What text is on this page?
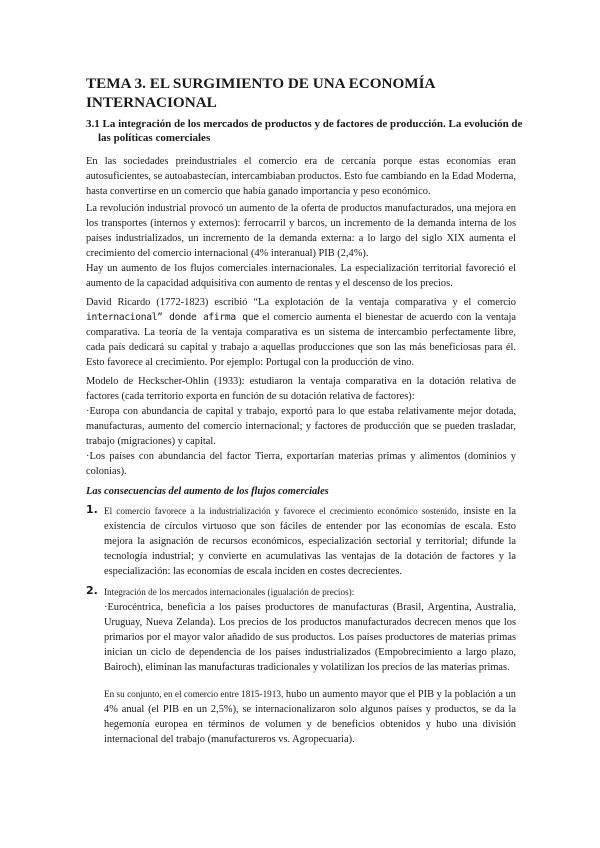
TEMA 3. EL SURGIMIENTO DE UNA ECONOMÍA INTERNACIONAL
3.1 La integración de los mercados de productos y de factores de producción. La evolución de las políticas comerciales

En las sociedades preindustriales el comercio era de cercanía porque estas economías eran autosuficientes, se autoabastecían, intercambiaban productos. Esto fue cambiando en la Edad Moderna, hasta convertirse en un comercio que había ganado importancia y peso económico.

La revolución industrial provocó un aumento de la oferta de productos manufacturados, una mejora en los transportes (internos y externos): ferrocarril y barcos, un incremento de la demanda interna de los países industrializados, un incremento de la demanda externa: a lo largo del siglo XIX aumenta el crecimiento del comercio internacional (4% interanual) PIB (2,4%).
Hay un aumento de los flujos comerciales internacionales. La especialización territorial favoreció el aumento de la capacidad adquisitiva con aumento de rentas y el descenso de los precios.

David Ricardo (1772-1823) escribió “La explotación de la ventaja comparativa y el comercio internacional” donde afirma que el comercio aumenta el bienestar de acuerdo con la ventaja comparativa. La teoría de la ventaja comparativa es un sistema de intercambio perfectamente libre, cada país dedicará su capital y trabajo a aquellas producciones que son las más beneficiosas para él. Esto favorece al crecimiento. Por ejemplo: Portugal con la producción de vino.

Modelo de Heckscher-Ohlin (1933): estudiaron la ventaja comparativa en la dotación relativa de factores (cada territorio exporta en función de su dotación relativa de factores):
·Europa con abundancia de capital y trabajo, exportó para lo que estaba relativamente mejor dotada, manufacturas, aumento del comercio internacional; y factores de producción que se pueden trasladar, trabajo (migraciones) y capital.
·Los países con abundancia del factor Tierra, exportarían materias primas y alimentos (dominios y colonias).

Las consecuencias del aumento de los flujos comerciales

1. El comercio favorece a la industrialización y favorece el crecimiento económico sostenido, insiste en la existencia de círculos virtuoso que son fáciles de entender por las economías de escala. Esto mejora la asignación de recursos económicos, especialización sectorial y territorial; difunde la tecnología industrial; y convierte en acumulativas las ventajas de la dotación de factores y la especialización: las economías de escala inciden en costes decrecientes.

2. Integración de los mercados internacionales (igualación de precios):
·Eurocéntrica, beneficia a los países productores de manufacturas (Brasil, Argentina, Australia, Uruguay, Nueva Zelanda). Los precios de los productos manufacturados decrecen menos que los primarios por el mayor valor añadido de sus productos. Los países productores de materias primas inician un ciclo de dependencia de los países industrializados (Empobrecimiento a largo plazo, Bairoch), eliminan las manufacturas tradicionales y volatilizan los precios de las materias primas.

En su conjunto, en el comercio entre 1815-1913, hubo un aumento mayor que el PIB y la población a un 4% anual (el PIB en un 2,5%), se internacionalizaron solo algunos países y productos, se da la hegemonía europea en términos de volumen y de beneficios obtenidos y hubo una división internacional del trabajo (manufactureros vs. Agropecuaria).
